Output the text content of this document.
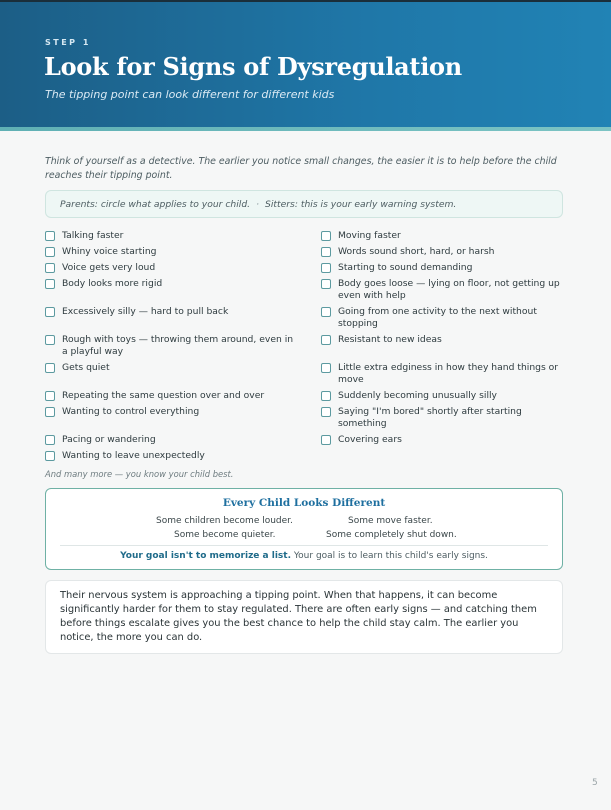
STEP 1
Look for Signs of Dysregulation
The tipping point can look different for different kids
Think of yourself as a detective. The earlier you notice small changes, the easier it is to help before the child reaches their tipping point.
Parents: circle what applies to your child. · Sitters: this is your early warning system.
Talking faster
Whiny voice starting
Voice gets very loud
Body looks more rigid
Excessively silly — hard to pull back
Rough with toys — throwing them around, even in a playful way
Gets quiet
Repeating the same question over and over
Wanting to control everything
Pacing or wandering
Wanting to leave unexpectedly
Moving faster
Words sound short, hard, or harsh
Starting to sound demanding
Body goes loose — lying on floor, not getting up even with help
Going from one activity to the next without stopping
Resistant to new ideas
Little extra edginess in how they hand things or move
Suddenly becoming unusually silly
Saying "I'm bored" shortly after starting something
Covering ears
And many more — you know your child best.
Every Child Looks Different
Some children become louder.	Some move faster.
Some become quieter.	Some completely shut down.
Your goal isn't to memorize a list. Your goal is to learn this child's early signs.
Their nervous system is approaching a tipping point. When that happens, it can become significantly harder for them to stay regulated. There are often early signs — and catching them before things escalate gives you the best chance to help the child stay calm. The earlier you notice, the more you can do.
5
